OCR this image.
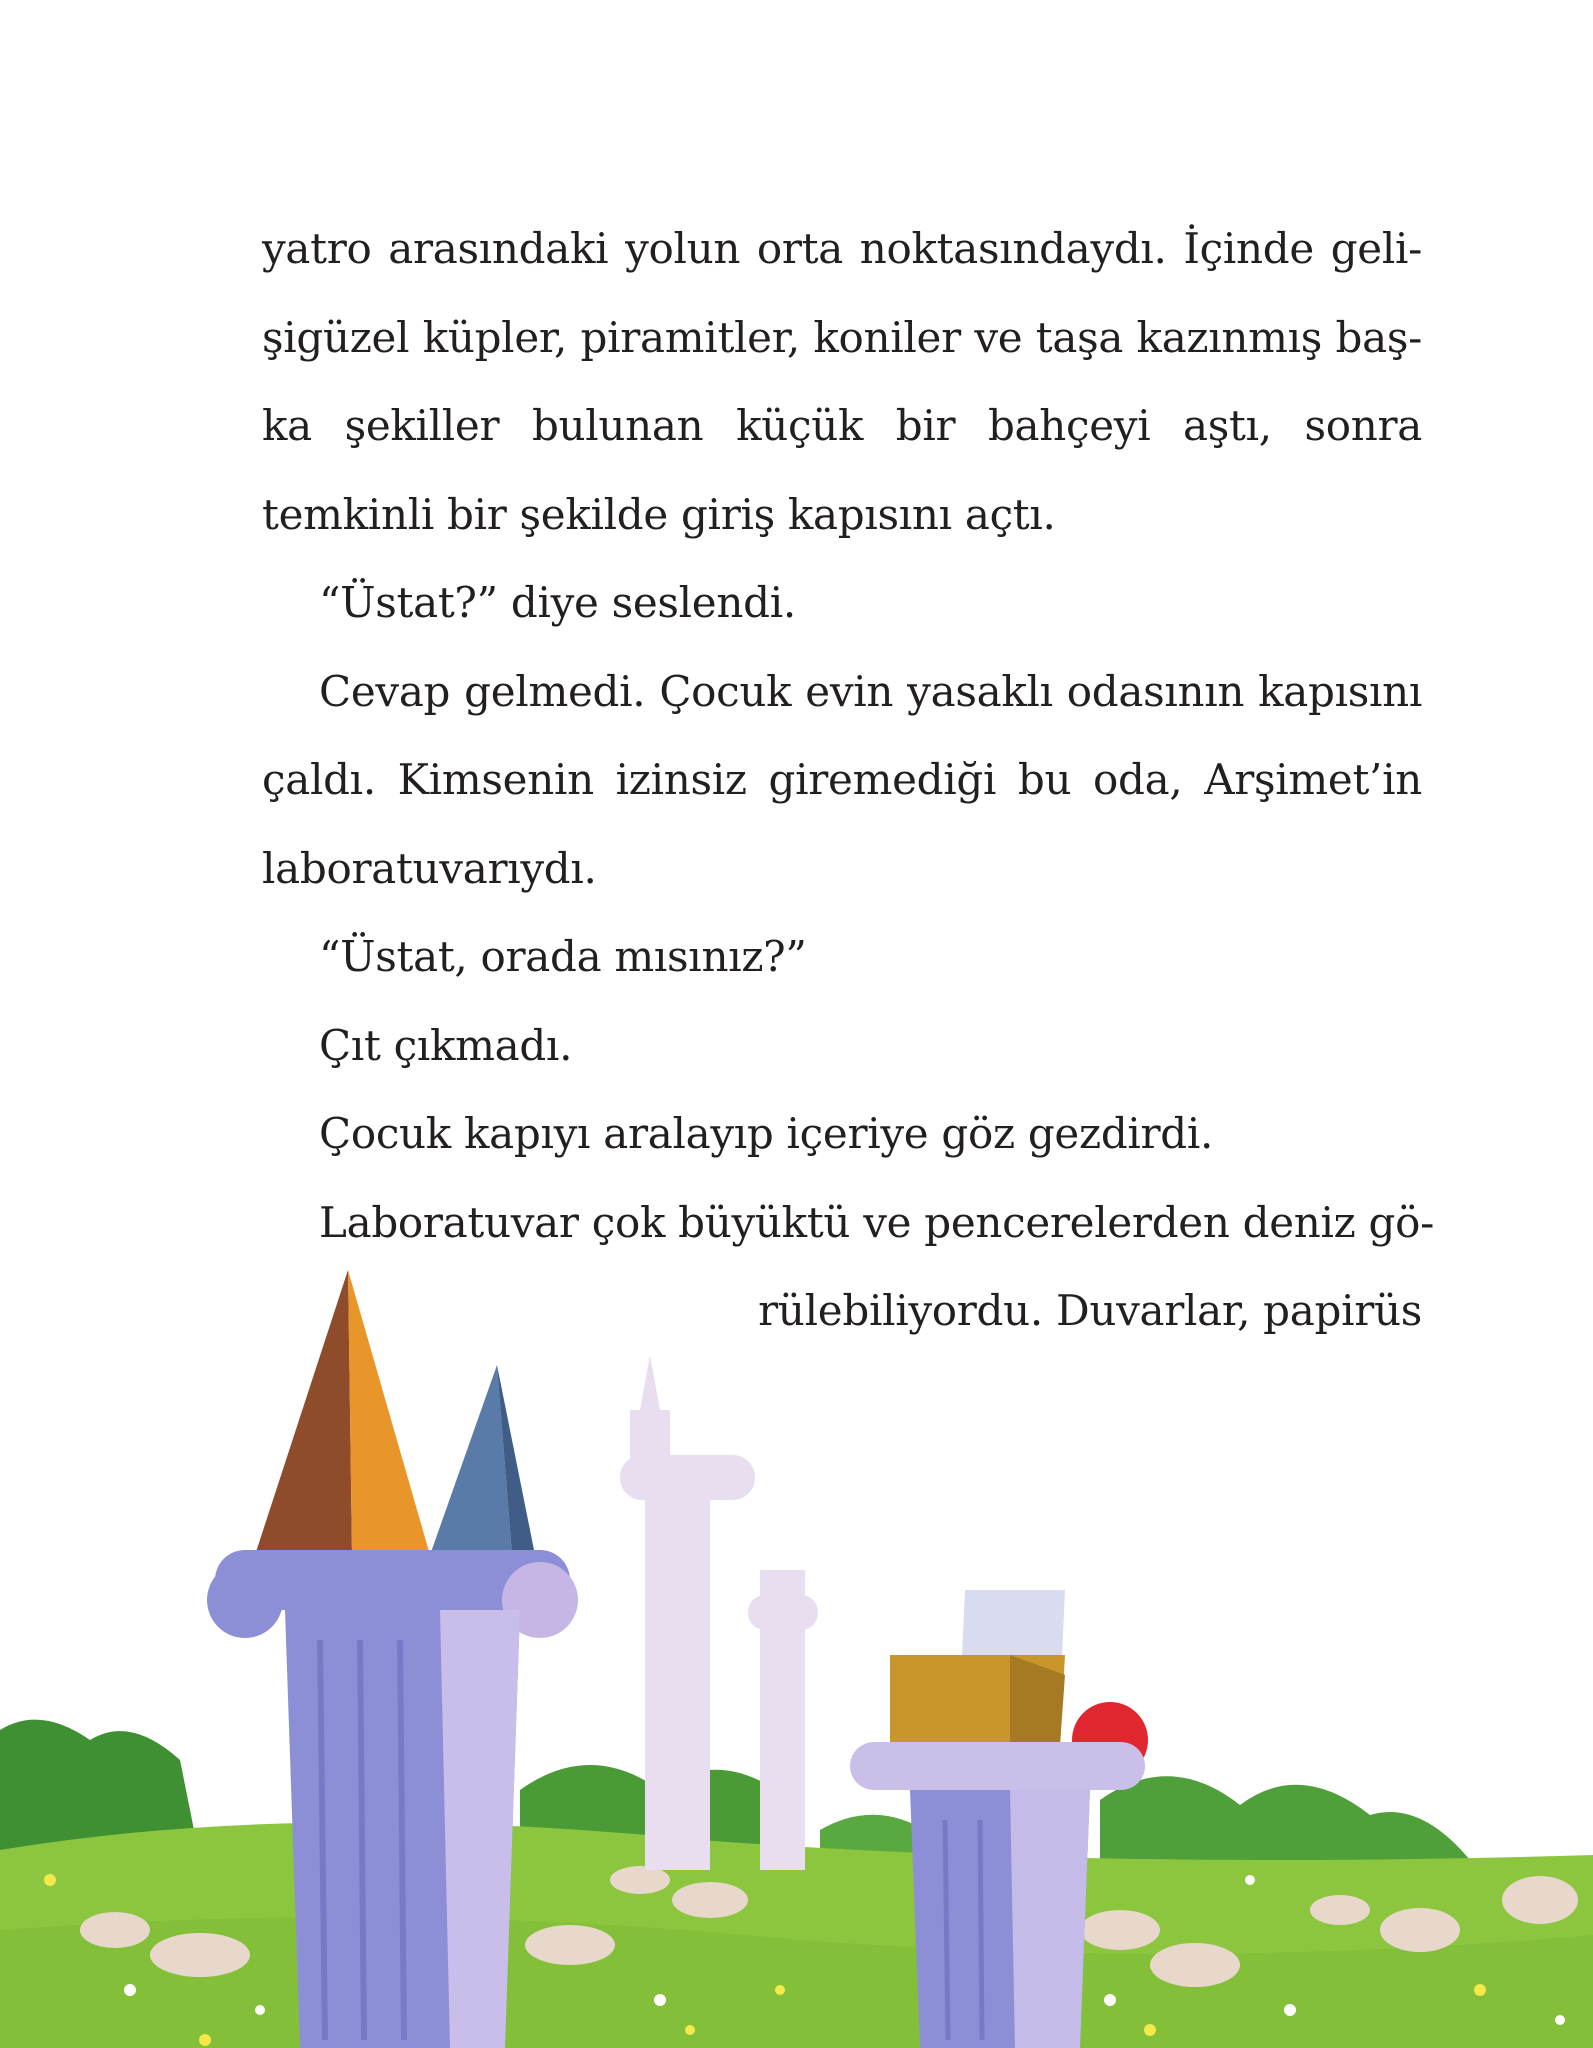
yatro arasındaki yolun orta noktasındaydı. İçinde geli-
şigüzel küpler, piramitler, koniler ve taşa kazınmış baş-
ka şekiller bulunan küçük bir bahçeyi aştı, sonra
temkinli bir şekilde giriş kapısını açtı.
“Üstat?” diye seslendi.
Cevap gelmedi. Çocuk evin yasaklı odasının kapısını
çaldı. Kimsenin izinsiz giremediği bu oda, Arşimet’in
laboratuvarıydı.
“Üstat, orada mısınız?”
Çıt çıkmadı.
Çocuk kapıyı aralayıp içeriye göz gezdirdi.
Laboratuvar çok büyüktü ve pencerelerden deniz gö-
rülebiliyordu. Duvarlar, papirüs
